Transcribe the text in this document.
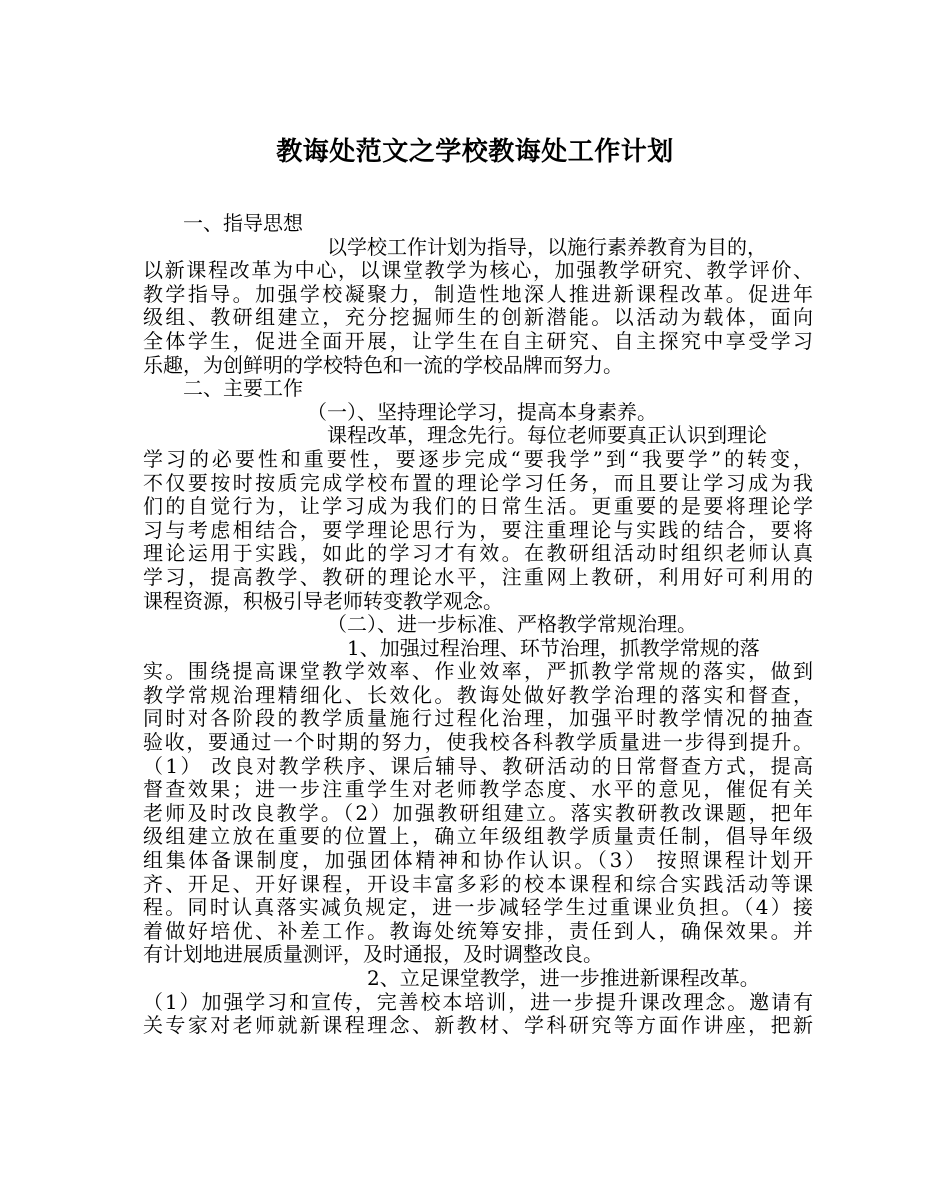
教诲处范文之学校教诲处工作计划
一、指导思想
以学校工作计划为指导，以施行素养教育为目的，
以新课程改革为中心，以课堂教学为核心，加强教学研究、教学评价、
教学指导。加强学校凝聚力，制造性地深人推进新课程改革。促进年
级组、教研组建立，充分挖掘师生的创新潜能。以活动为载体，面向
全体学生，促进全面开展，让学生在自主研究、自主探究中享受学习
乐趣，为创鲜明的学校特色和一流的学校品牌而努力。
二、主要工作
（一）、坚持理论学习，提高本身素养。
课程改革，理念先行。每位老师要真正认识到理论
学习的必要性和重要性，要逐步完成“要我学”到“我要学”的转变，
不仅要按时按质完成学校布置的理论学习任务，而且要让学习成为我
们的自觉行为，让学习成为我们的日常生活。更重要的是要将理论学
习与考虑相结合，要学理论思行为，要注重理论与实践的结合，要将
理论运用于实践，如此的学习才有效。在教研组活动时组织老师认真
学习，提高教学、教研的理论水平，注重网上教研，利用好可利用的
课程资源，积极引导老师转变教学观念。
（二）、进一步标准、严格教学常规治理。
1、加强过程治理、环节治理，抓教学常规的落
实。围绕提高课堂教学效率、作业效率，严抓教学常规的落实，做到
教学常规治理精细化、长效化。教诲处做好教学治理的落实和督查，
同时对各阶段的教学质量施行过程化治理，加强平时教学情况的抽查
验收，要通过一个时期的努力，使我校各科教学质量进一步得到提升。
（1） 改良对教学秩序、课后辅导、教研活动的日常督查方式，提高
督查效果；进一步注重学生对老师教学态度、水平的意见，催促有关
老师及时改良教学。（2）加强教研组建立。落实教研教改课题，把年
级组建立放在重要的位置上，确立年级组教学质量责任制，倡导年级
组集体备课制度，加强团体精神和协作认识。（3） 按照课程计划开
齐、开足、开好课程，开设丰富多彩的校本课程和综合实践活动等课
程。同时认真落实减负规定，进一步减轻学生过重课业负担。（4）接
着做好培优、补差工作。教诲处统筹安排，责任到人，确保效果。并
有计划地进展质量测评，及时通报，及时调整改良。
2、立足课堂教学，进一步推进新课程改革。
（1）加强学习和宣传，完善校本培训，进一步提升课改理念。邀请有
关专家对老师就新课程理念、新教材、学科研究等方面作讲座，把新
